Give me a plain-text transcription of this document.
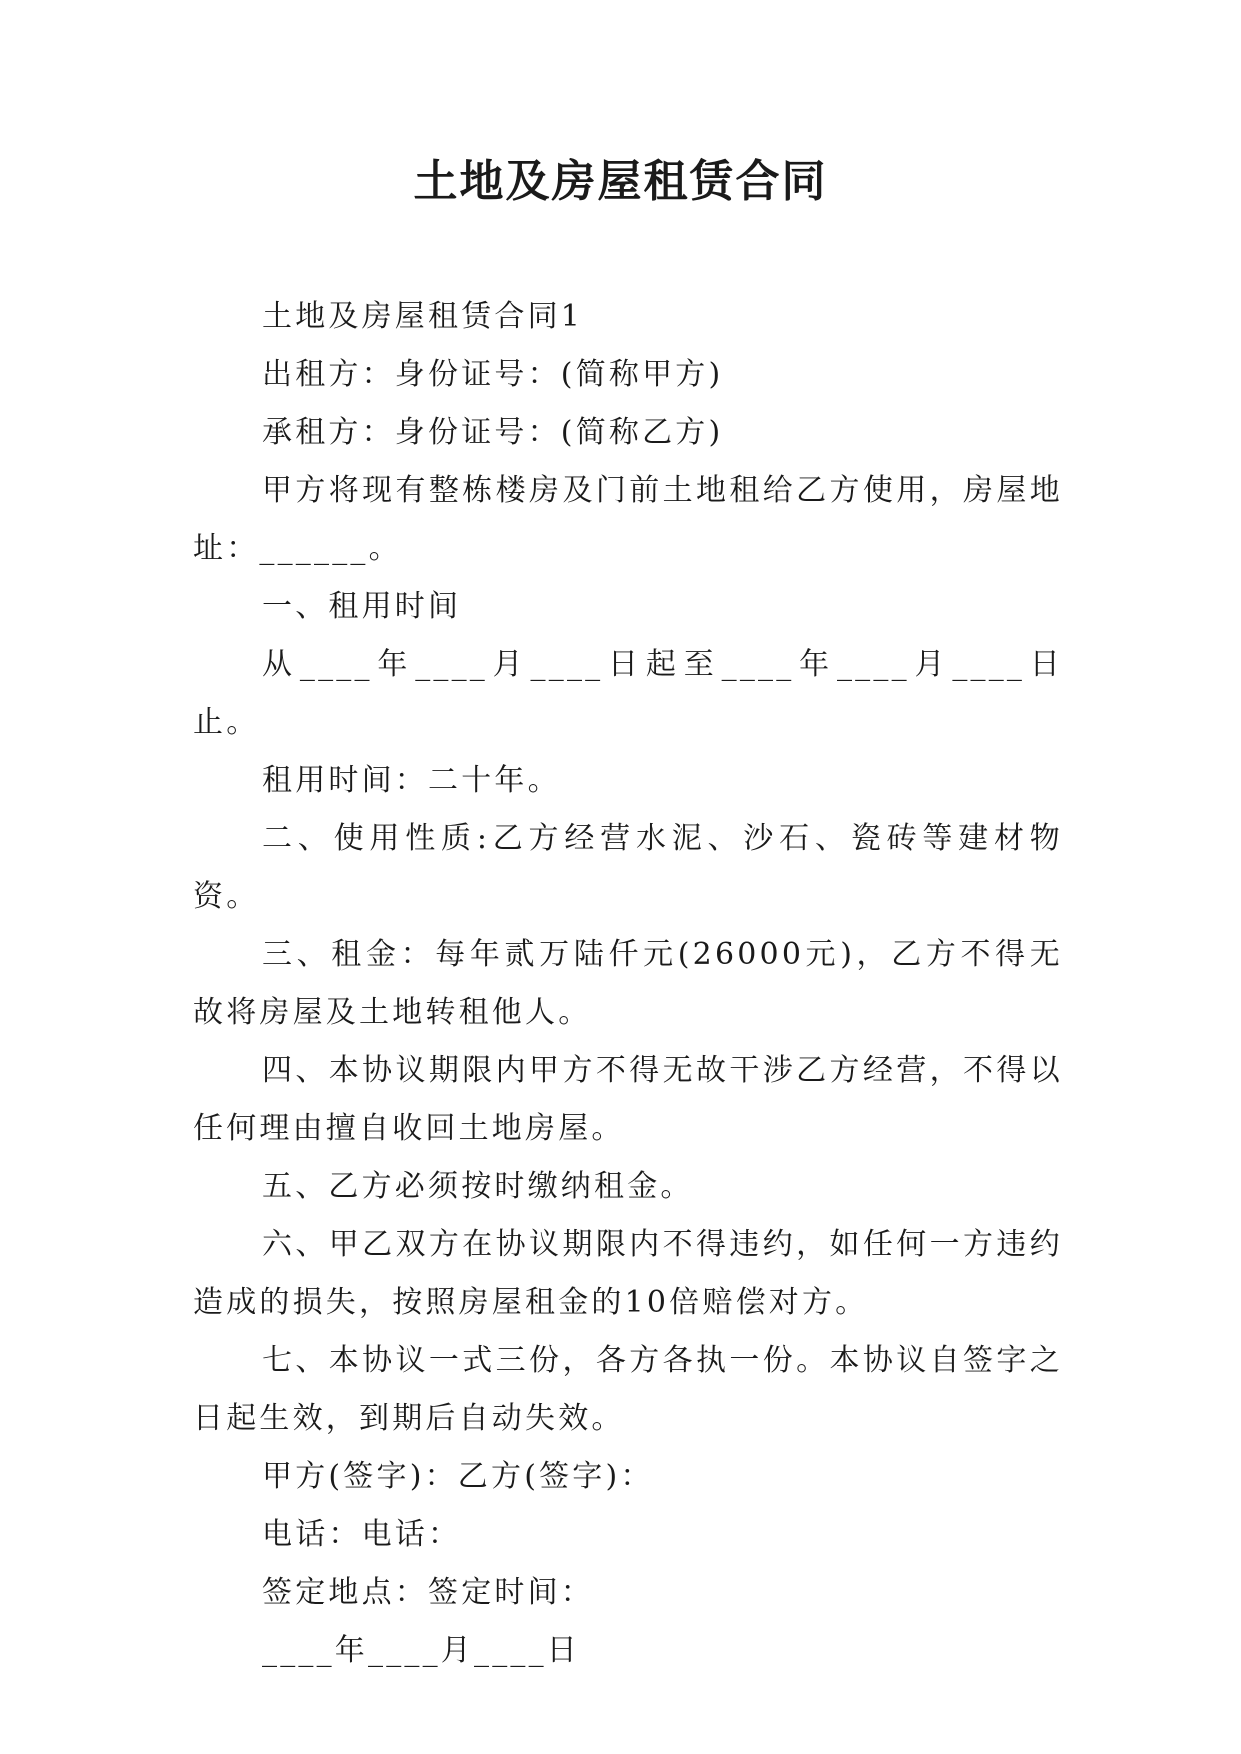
土地及房屋租赁合同

土地及房屋租赁合同1

出租方：身份证号：(简称甲方)

承租方：身份证号：(简称乙方)

甲方将现有整栋楼房及门前土地租给乙方使用，房屋地址：______。

一、租用时间

从____年____月____日起至____年____月____日止。

租用时间：二十年。

二、使用性质:乙方经营水泥、沙石、瓷砖等建材物资。

三、租金：每年贰万陆仟元(26000元)，乙方不得无故将房屋及土地转租他人。

四、本协议期限内甲方不得无故干涉乙方经营，不得以任何理由擅自收回土地房屋。

五、乙方必须按时缴纳租金。

六、甲乙双方在协议期限内不得违约，如任何一方违约造成的损失，按照房屋租金的10倍赔偿对方。

七、本协议一式三份，各方各执一份。本协议自签字之日起生效，到期后自动失效。

甲方(签字)：乙方(签字)：

电话：电话：

签定地点：签定时间：

____年____月____日
